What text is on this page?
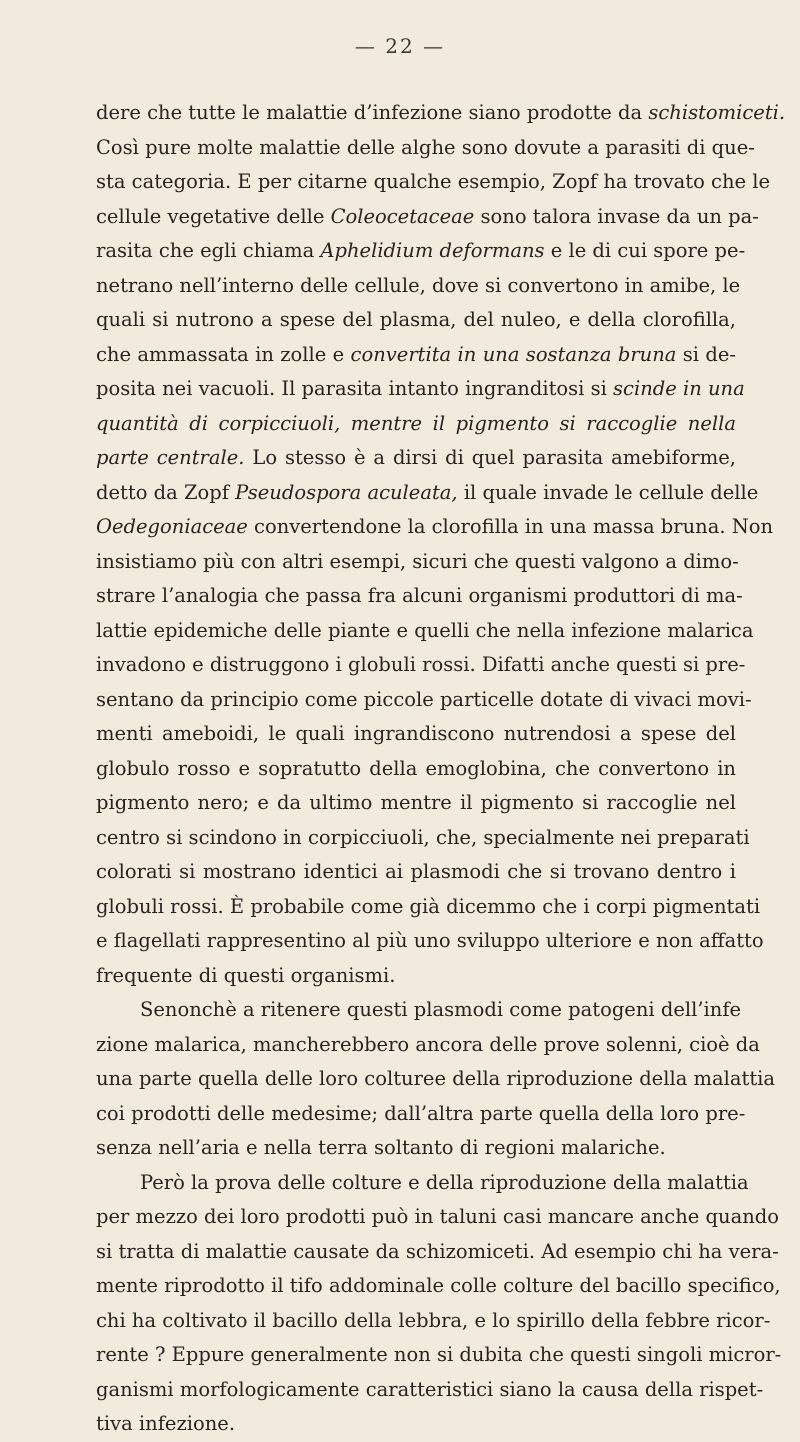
— 22 —
dere che tutte le malattie d’infezione siano prodotte da schistomiceti.
Così pure molte malattie delle alghe sono dovute a parasiti di que-
sta categoria. E per citarne qualche esempio, Zopf ha trovato che le
cellule vegetative delle Coleocetaceae sono talora invase da un pa-
rasita che egli chiama Aphelidium deformans e le di cui spore pe-
netrano nell’interno delle cellule, dove si convertono in amibe, le
quali si nutrono a spese del plasma, del nuleo, e della clorofilla,
che ammassata in zolle e convertita in una sostanza bruna si de-
posita nei vacuoli. Il parasita intanto ingranditosi si scinde in una
quantità di corpicciuoli, mentre il pigmento si raccoglie nella
parte centrale. Lo stesso è a dirsi di quel parasita amebiforme,
detto da Zopf Pseudospora aculeata, il quale invade le cellule delle
Oedegoniaceae convertendone la clorofilla in una massa bruna. Non
insistiamo più con altri esempi, sicuri che questi valgono a dimo-
strare l’analogia che passa fra alcuni organismi produttori di ma-
lattie epidemiche delle piante e quelli che nella infezione malarica
invadono e distruggono i globuli rossi. Difatti anche questi si pre-
sentano da principio come piccole particelle dotate di vivaci movi-
menti ameboidi, le quali ingrandiscono nutrendosi a spese del
globulo rosso e sopratutto della emoglobina, che convertono in
pigmento nero; e da ultimo mentre il pigmento si raccoglie nel
centro si scindono in corpicciuoli, che, specialmente nei preparati
colorati si mostrano identici ai plasmodi che si trovano dentro i
globuli rossi. È probabile come già dicemmo che i corpi pigmentati
e flagellati rappresentino al più uno sviluppo ulteriore e non affatto
frequente di questi organismi.
Senonchè a ritenere questi plasmodi come patogeni dell’infe
zione malarica, mancherebbero ancora delle prove solenni, cioè da
una parte quella delle loro colturee della riproduzione della malattia
coi prodotti delle medesime; dall’altra parte quella della loro pre-
senza nell’aria e nella terra soltanto di regioni malariche.
Però la prova delle colture e della riproduzione della malattia
per mezzo dei loro prodotti può in taluni casi mancare anche quando
si tratta di malattie causate da schizomiceti. Ad esempio chi ha vera-
mente riprodotto il tifo addominale colle colture del bacillo specifico,
chi ha coltivato il bacillo della lebbra, e lo spirillo della febbre ricor-
rente ? Eppure generalmente non si dubita che questi singoli micror-
ganismi morfologicamente caratteristici siano la causa della rispet-
tiva infezione.
